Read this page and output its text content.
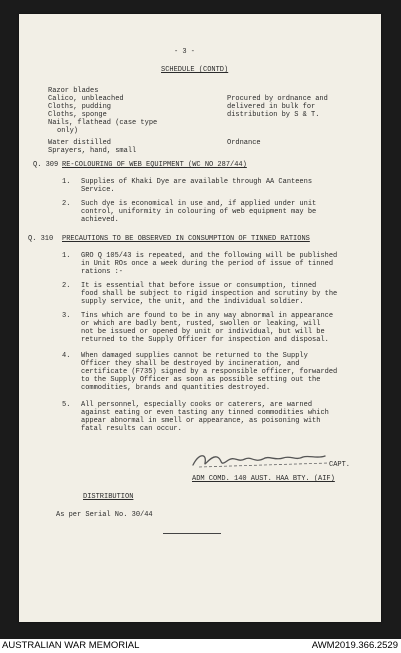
- 3 -
SCHEDULE (CONTD)
Razor blades
Calico, unbleached
Cloths, pudding
Cloths, sponge
Nails, flathead (case type
only)
Procured by ordnance and
delivered in bulk for
distribution by S & T.
Water distilled
Sprayers, hand, small
Ordnance
Q. 309 RE-COLOURING OF WEB EQUIPMENT (WC NO 287/44)
1. Supplies of Khaki Dye are available through AA Canteens
Service.
2. Such dye is economical in use and, if applied under unit
control, uniformity in colouring of web equipment may be
achieved.
Q. 310 PRECAUTIONS TO BE OBSERVED IN CONSUMPTION OF TINNED RATIONS
1. GRO Q 105/43 is repeated, and the following will be published
in Unit ROs once a week during the period of issue of tinned
rations :-
2. It is essential that before issue or consumption, tinned
food shall be subject to rigid inspection and scrutiny by the
supply service, the unit, and the individual soldier.
3. Tins which are found to be in any way abnormal in appearance
or which are badly bent, rusted, swollen or leaking, will
not be issued or opened by unit or individual, but will be
returned to the Supply Officer for inspection and disposal.
4. When damaged supplies cannot be returned to the Supply
Officer they shall be destroyed by incineration, and
certificate (F735) signed by a responsible officer, forwarded
to the Supply Officer as soon as possible setting out the
commodities, brands and quantities destroyed.
5. All personnel, especially cooks or caterers, are warned
against eating or even tasting any tinned commodities which
appear abnormal in smell or appearance, as poisoning with
fatal results can occur.
CAPT.
ADM COMD. 140 AUST. HAA BTY. (AIF)
DISTRIBUTION
As per Serial No. 30/44
AUSTRALIAN WAR MEMORIAL	AWM2019.366.2529
